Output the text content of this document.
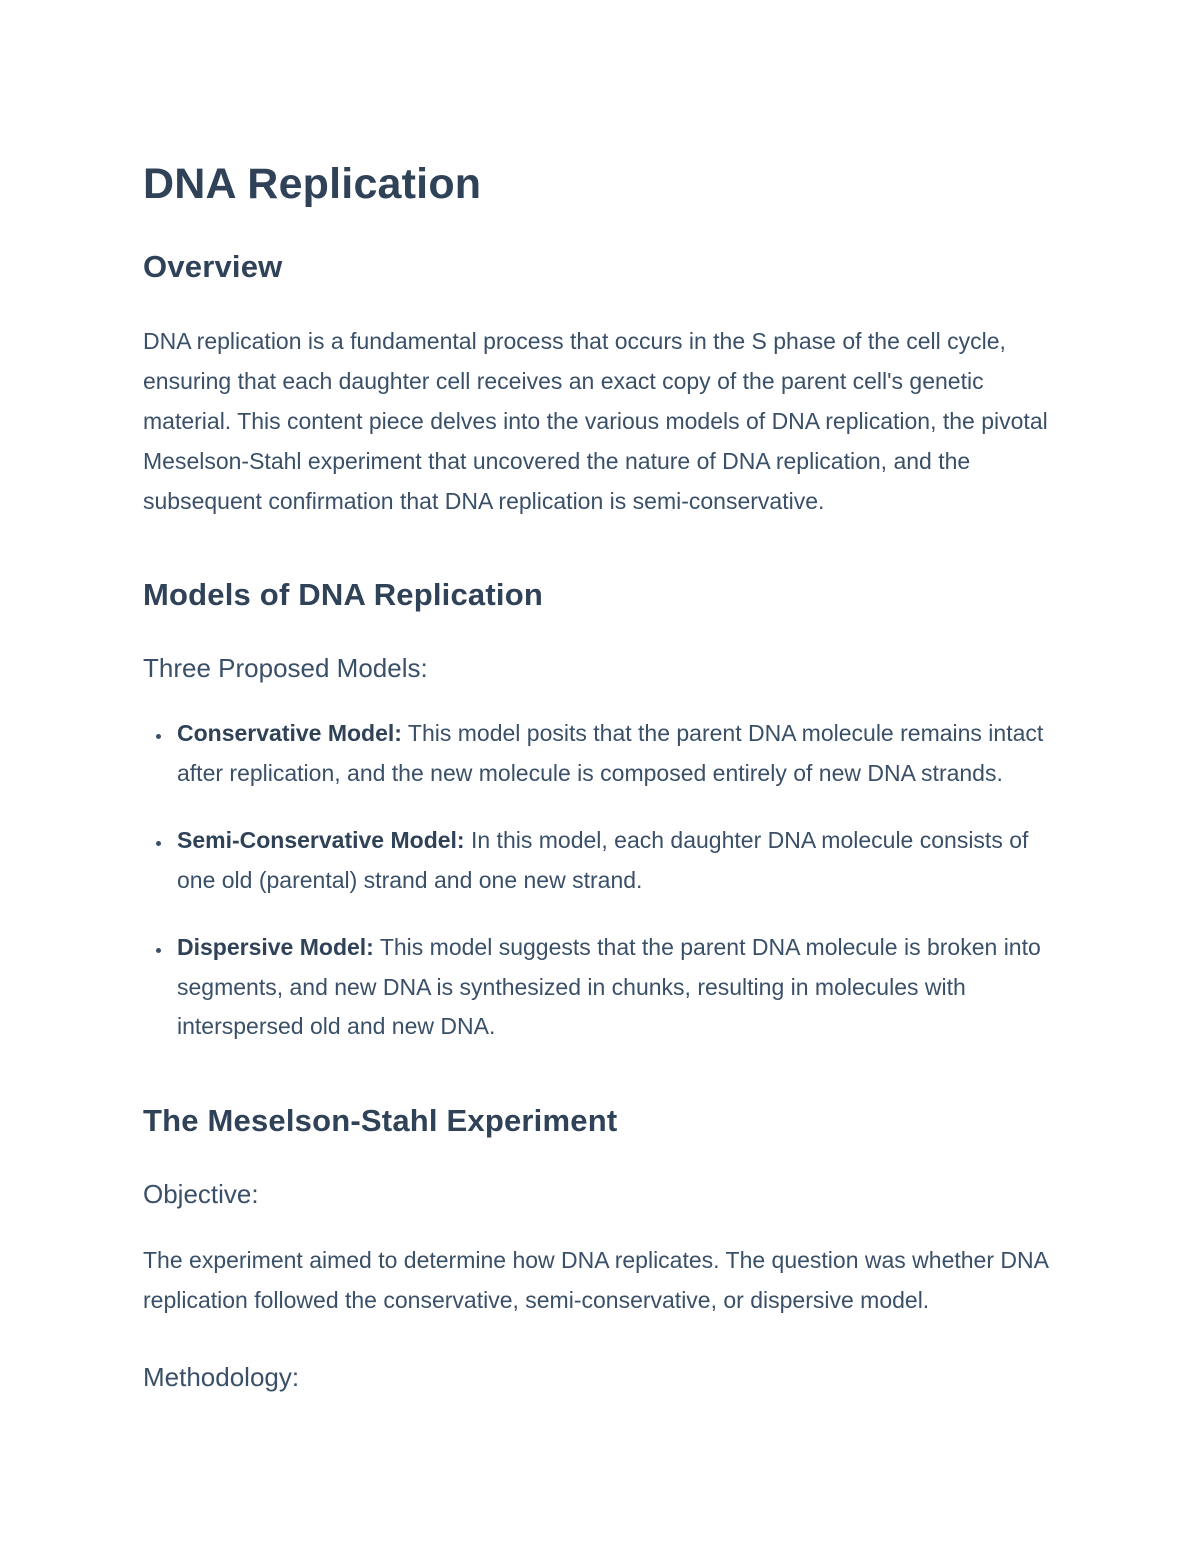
DNA Replication
Overview

DNA replication is a fundamental process that occurs in the S phase of the cell cycle, ensuring that each daughter cell receives an exact copy of the parent cell's genetic material. This content piece delves into the various models of DNA replication, the pivotal Meselson-Stahl experiment that uncovered the nature of DNA replication, and the subsequent confirmation that DNA replication is semi-conservative.

Models of DNA Replication
Three Proposed Models:
• Conservative Model: This model posits that the parent DNA molecule remains intact after replication, and the new molecule is composed entirely of new DNA strands.
• Semi-Conservative Model: In this model, each daughter DNA molecule consists of one old (parental) strand and one new strand.
• Dispersive Model: This model suggests that the parent DNA molecule is broken into segments, and new DNA is synthesized in chunks, resulting in molecules with interspersed old and new DNA.
The Meselson-Stahl Experiment
Objective:

The experiment aimed to determine how DNA replicates. The question was whether DNA replication followed the conservative, semi-conservative, or dispersive model.

Methodology:
